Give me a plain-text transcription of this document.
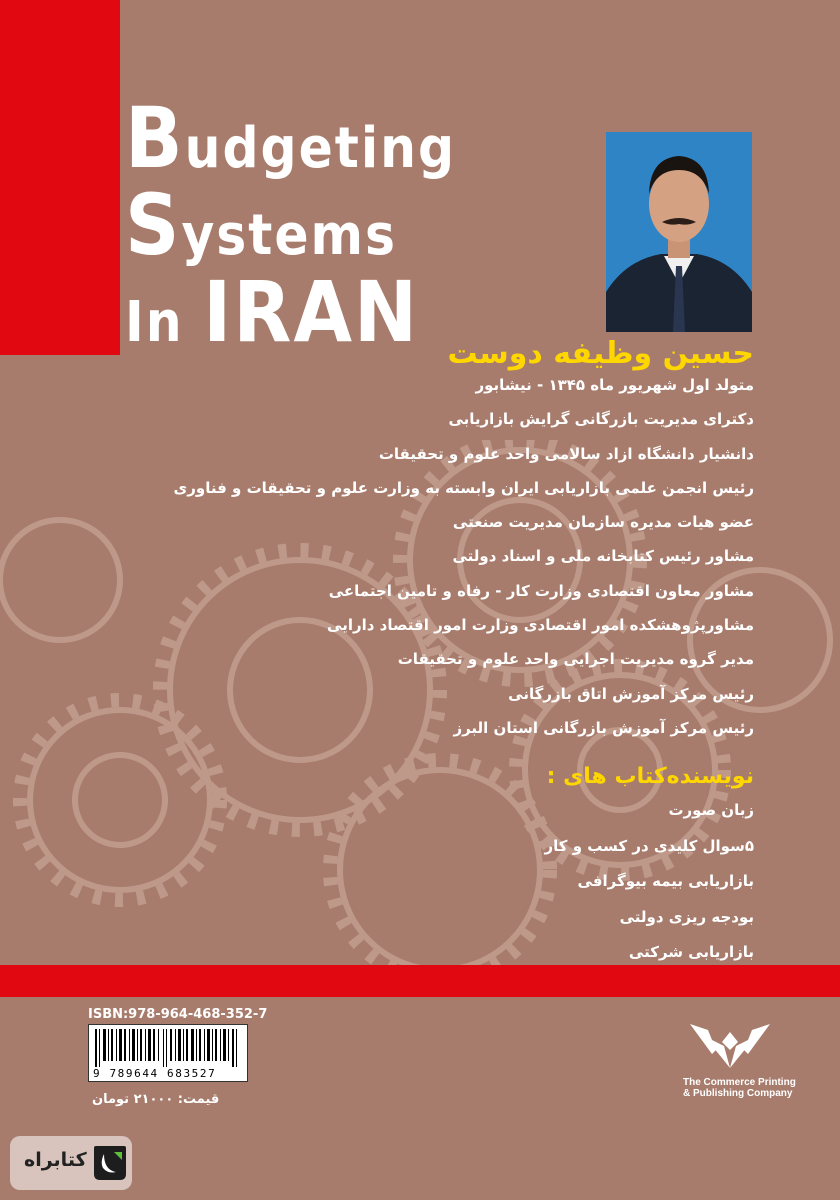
Budgeting
Systems
In IRAN حسین وظیفه دوست
متولد اول شهریور ماه ۱۳۴۵ - نیشابور
دکترای مدیریت بازرگانی گرایش بازاریابی
دانشیار دانشگاه ازاد سالامی واحد علوم و تحقیقات
رئیس انجمن علمی بازاریابی ایران وابسته به وزارت علوم و تحقیقات و فناوری
عضو هیات مدیره سازمان مدیریت صنعتی
مشاور رئیس کتابخانه ملی و اسناد دولتی
مشاور معاون اقتصادی وزارت کار - رفاه و تامین اجتماعی
مشاورپژوهشکده امور اقتصادی وزارت امور اقتصاد دارایی
مدیر گروه مدیریت اجرایی واحد علوم و تحقیقات
رئیس مرکز آموزش اتاق بازرگانی
رئیس مرکز آموزش بازرگانی استان البرز
نویسنده‌کتاب های :
زبان صورت
۵سوال کلیدی در کسب و کار
بازاریابی بیمه بیوگرافی
بودجه ریزی دولتی
بازاریابی شرکتی
ISBN:978-964-468-352-7
9 789644 683527
قیمت: ۲۱۰۰۰ تومان
The Commerce Printing
& Publishing Company
کتابراه
